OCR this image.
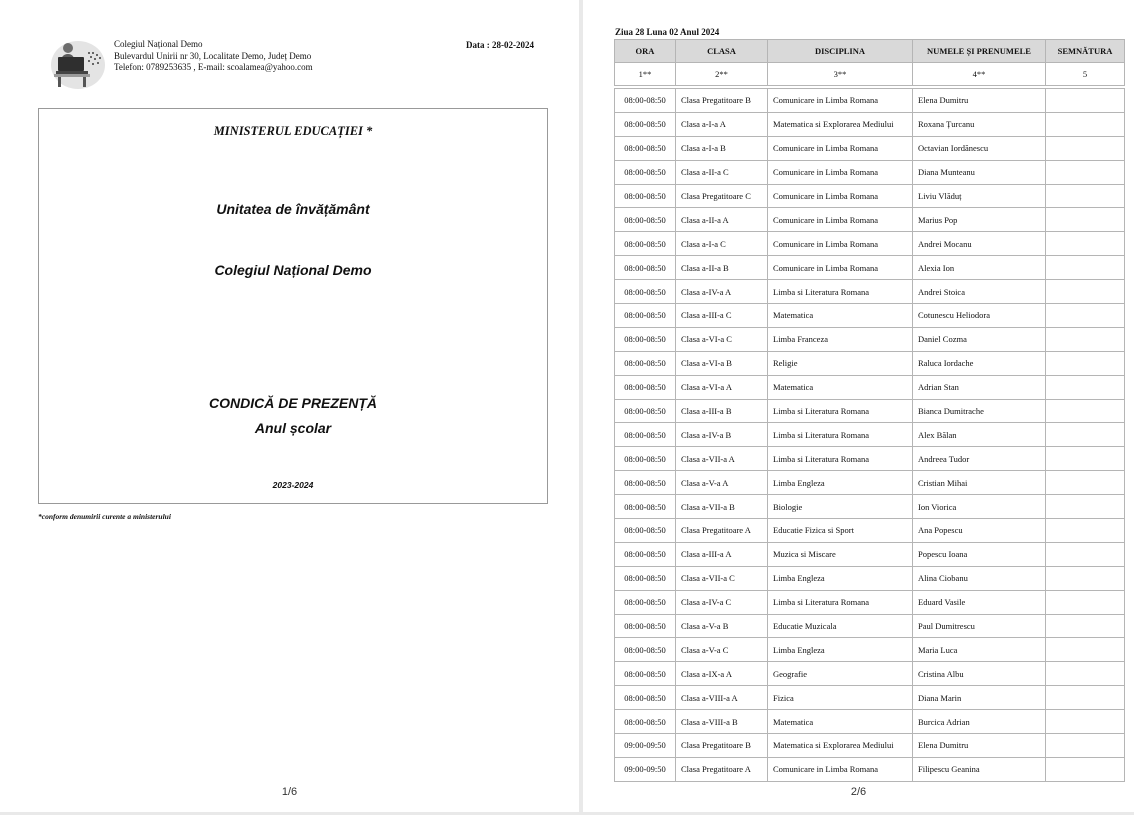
Colegiul Național Demo
Bulevardul Unirii nr 30, Localitate Demo, Județ Demo
Telefon: 0789253635 , E-mail: scoalamea@yahoo.com
Data : 28-02-2024
MINISTERUL EDUCAȚIEI *
Unitatea de învățământ
Colegiul Național Demo
CONDICĂ DE PREZENȚĂ
Anul școlar
2023-2024
*conform denumirii curente a ministerului
1/6
Ziua 28 Luna 02 Anul 2024
ORA	CLASA	DISCIPLINA	NUMELE ȘI PRENUMELE	SEMNĂTURA
1**	2**	3**	4**	5

08:00-08:50	Clasa Pregatitoare B	Comunicare in Limba Romana	Elena Dumitru	
08:00-08:50	Clasa a-I-a A	Matematica si Explorarea Mediului	Roxana Țurcanu	
08:00-08:50	Clasa a-I-a B	Comunicare in Limba Romana	Octavian Iordănescu	
08:00-08:50	Clasa a-II-a C	Comunicare in Limba Romana	Diana Munteanu	
08:00-08:50	Clasa Pregatitoare C	Comunicare in Limba Romana	Liviu Vlăduț	
08:00-08:50	Clasa a-II-a A	Comunicare in Limba Romana	Marius Pop	
08:00-08:50	Clasa a-I-a C	Comunicare in Limba Romana	Andrei Mocanu	
08:00-08:50	Clasa a-II-a B	Comunicare in Limba Romana	Alexia Ion	
08:00-08:50	Clasa a-IV-a A	Limba si Literatura Romana	Andrei Stoica	
08:00-08:50	Clasa a-III-a C	Matematica	Cotunescu Heliodora	
08:00-08:50	Clasa a-VI-a C	Limba Franceza	Daniel Cozma	
08:00-08:50	Clasa a-VI-a B	Religie	Raluca Iordache	
08:00-08:50	Clasa a-VI-a A	Matematica	Adrian Stan	
08:00-08:50	Clasa a-III-a B	Limba si Literatura Romana	Bianca Dumitrache	
08:00-08:50	Clasa a-IV-a B	Limba si Literatura Romana	Alex Bălan	
08:00-08:50	Clasa a-VII-a A	Limba si Literatura Romana	Andreea Tudor	
08:00-08:50	Clasa a-V-a A	Limba Engleza	Cristian Mihai	
08:00-08:50	Clasa a-VII-a B	Biologie	Ion Viorica	
08:00-08:50	Clasa Pregatitoare A	Educatie Fizica si Sport	Ana Popescu	
08:00-08:50	Clasa a-III-a A	Muzica si Miscare	Popescu Ioana	
08:00-08:50	Clasa a-VII-a C	Limba Engleza	Alina Ciobanu	
08:00-08:50	Clasa a-IV-a C	Limba si Literatura Romana	Eduard Vasile	
08:00-08:50	Clasa a-V-a B	Educatie Muzicala	Paul Dumitrescu	
08:00-08:50	Clasa a-V-a C	Limba Engleza	Maria Luca	
08:00-08:50	Clasa a-IX-a A	Geografie	Cristina Albu	
08:00-08:50	Clasa a-VIII-a A	Fizica	Diana Marin	
08:00-08:50	Clasa a-VIII-a B	Matematica	Burcica Adrian	
09:00-09:50	Clasa Pregatitoare B	Matematica si Explorarea Mediului	Elena Dumitru	
09:00-09:50	Clasa Pregatitoare A	Comunicare in Limba Romana	Filipescu Geanina	
2/6
